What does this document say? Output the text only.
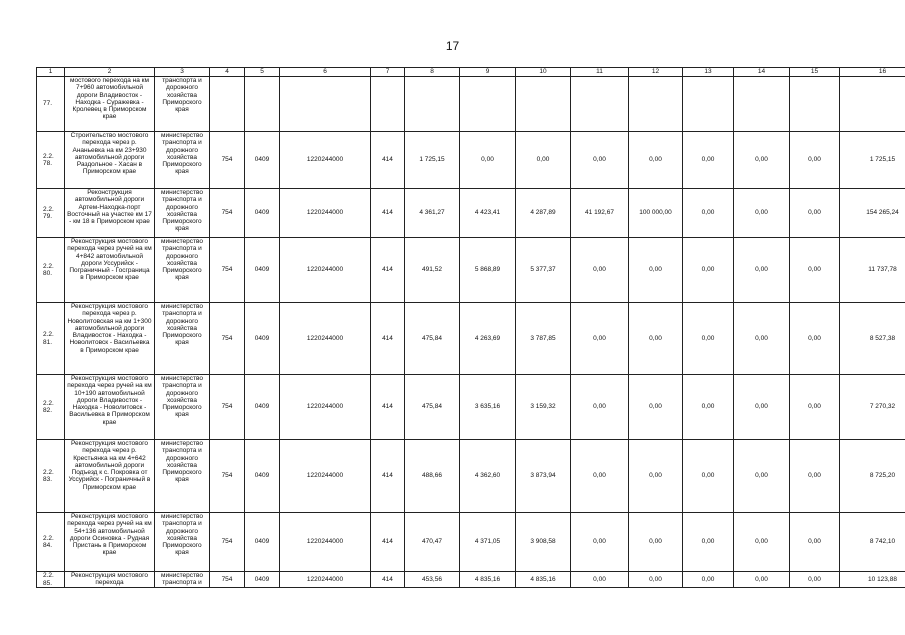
17
1	2	3	4	5	6	7	8	9	10	11	12	13	14	15	16

77.	мостового перехода на км 7+960 автомобильной дороги Владивосток - Находка - Суражевка - Кролевец в Приморском крае	транспорта и дорожного хозяйства Приморского края													

2.2. 78.	Строительство мостового перехода через р. Ананьевка на км 23+930 автомобильной дороги Раздольное - Хасан в Приморском крае	министерство транспорта и дорожного хозяйства Приморского края	754	0409	1220244000	414	1 725,15	0,00	0,00	0,00	0,00	0,00	0,00	0,00	1 725,15

2.2. 79.	Реконструкция автомобильной дороги Артем-Находка-порт Восточный на участке км 17 - км 18 в Приморском крае	министерство транспорта и дорожного хозяйства Приморского края	754	0409	1220244000	414	4 361,27	4 423,41	4 287,89	41 192,67	100 000,00	0,00	0,00	0,00	154 265,24

2.2. 80.	Реконструкция мостового перехода через ручей на км 4+842 автомобильной дороги Уссурийск - Пограничный - Госграница в Приморском крае	министерство транспорта и дорожного хозяйства Приморского края	754	0409	1220244000	414	491,52	5 868,89	5 377,37	0,00	0,00	0,00	0,00	0,00	11 737,78

2.2. 81.	Реконструкция мостового перехода через р. Новолитовская на км 1+300 автомобильной дороги Владивосток - Находка - Новолитовск - Васильевка в Приморском крае	министерство транспорта и дорожного хозяйства Приморского края	754	0409	1220244000	414	475,84	4 263,69	3 787,85	0,00	0,00	0,00	0,00	0,00	8 527,38

2.2. 82.	Реконструкция мостового перехода через ручей на км 10+190 автомобильной дороги Владивосток - Находка - Новолитовск - Васильевка в Приморском крае	министерство транспорта и дорожного хозяйства Приморского края	754	0409	1220244000	414	475,84	3 635,16	3 159,32	0,00	0,00	0,00	0,00	0,00	7 270,32

2.2. 83.	Реконструкция мостового перехода через р. Крестьянка на км 4+642 автомобильной дороги Подъезд к с. Покровка от Уссурийск - Пограничный в Приморском крае	министерство транспорта и дорожного хозяйства Приморского края	754	0409	1220244000	414	488,66	4 362,60	3 873,94	0,00	0,00	0,00	0,00	0,00	8 725,20

2.2. 84.	Реконструкция мостового перехода через ручей на км 54+136 автомобильной дороги Осиновка - Рудная Пристань в Приморском крае	министерство транспорта и дорожного хозяйства Приморского края	754	0409	1220244000	414	470,47	4 371,05	3 908,58	0,00	0,00	0,00	0,00	0,00	8 742,10

2.2. 85.	Реконструкция мостового перехода	министерство транспорта и	754	0409	1220244000	414	453,56	4 835,16	4 835,16	0,00	0,00	0,00	0,00	0,00	10 123,88
